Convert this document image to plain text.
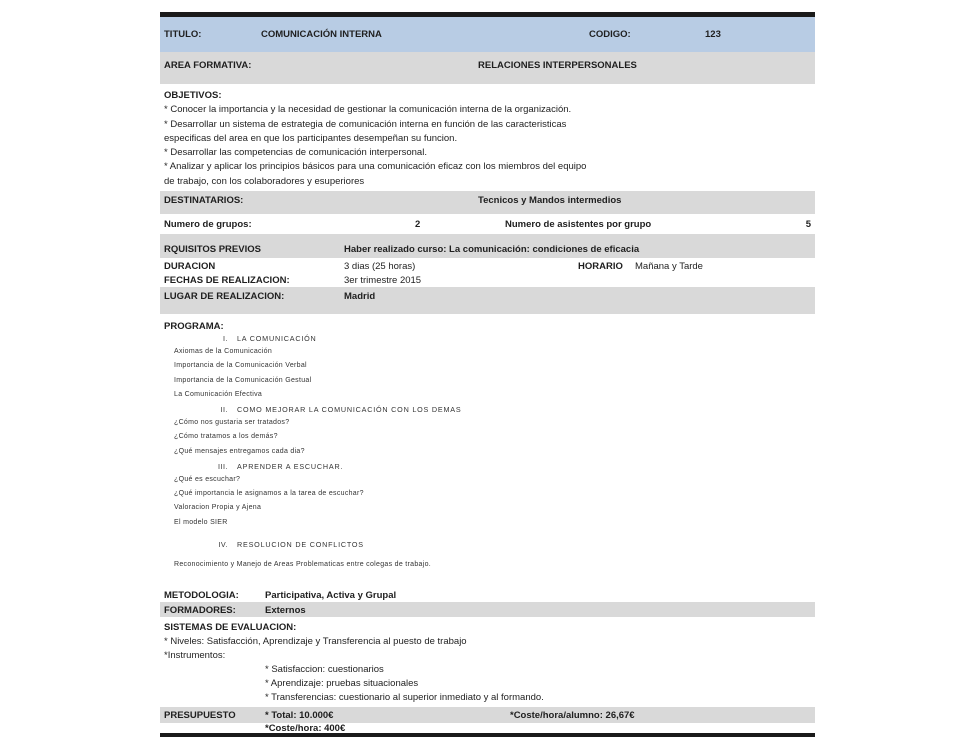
TITULO:	COMUNICACIÓN INTERNA	CODIGO:	123
AREA FORMATIVA:	RELACIONES INTERPERSONALES
OBJETIVOS:
* Conocer la importancia y la necesidad de gestionar la comunicación interna de la organización.
* Desarrollar un sistema de estrategia de comunicación interna en función de las caracteristicas
especificas del area en que los participantes desempeñan su funcion.
* Desarrollar las competencias de comunicación interpersonal.
* Analizar y aplicar los principios básicos para una comunicación eficaz con los miembros del equipo
de trabajo, con los colaboradores y esuperiores
DESTINATARIOS:	Tecnicos y Mandos intermedios
Numero de grupos:	2	Numero de asistentes por grupo	5
RQUISITOS PREVIOS	Haber realizado curso: La comunicación: condiciones de eficacia
DURACION	3 dias (25 horas)	HORARIO Mañana y Tarde
FECHAS DE REALIZACION:	3er trimestre 2015
LUGAR DE REALIZACION:	Madrid
PROGRAMA:
I. LA COMUNICACIÓN
Axiomas de la Comunicación
Importancia de la Comunicación Verbal
Importancia de la Comunicación Gestual
La Comunicación Efectiva
II. COMO MEJORAR LA COMUNICACIÓN CON LOS DEMAS
¿Cómo nos gustaria ser tratados?
¿Cómo tratamos a los demás?
¿Qué mensajes entregamos cada dia?
III. APRENDER A ESCUCHAR.
¿Qué es escuchar?
¿Qué importancia le asignamos a la tarea de escuchar?
Valoracion Propia y Ajena
El modelo SIER
IV. RESOLUCION DE CONFLICTOS
Reconocimiento y Manejo de Areas Problematicas entre colegas de trabajo.
METODOLOGIA:	Participativa, Activa y Grupal
FORMADORES:	Externos
SISTEMAS DE EVALUACION:
* Niveles: Satisfacción, Aprendizaje y Transferencia al puesto de trabajo
*Instrumentos:
* Satisfaccion: cuestionarios
* Aprendizaje: pruebas situacionales
* Transferencias: cuestionario al superior inmediato y al formando.
PRESUPUESTO	* Total: 10.000€	*Coste/hora/alumno: 26,67€
*Coste/hora: 400€
